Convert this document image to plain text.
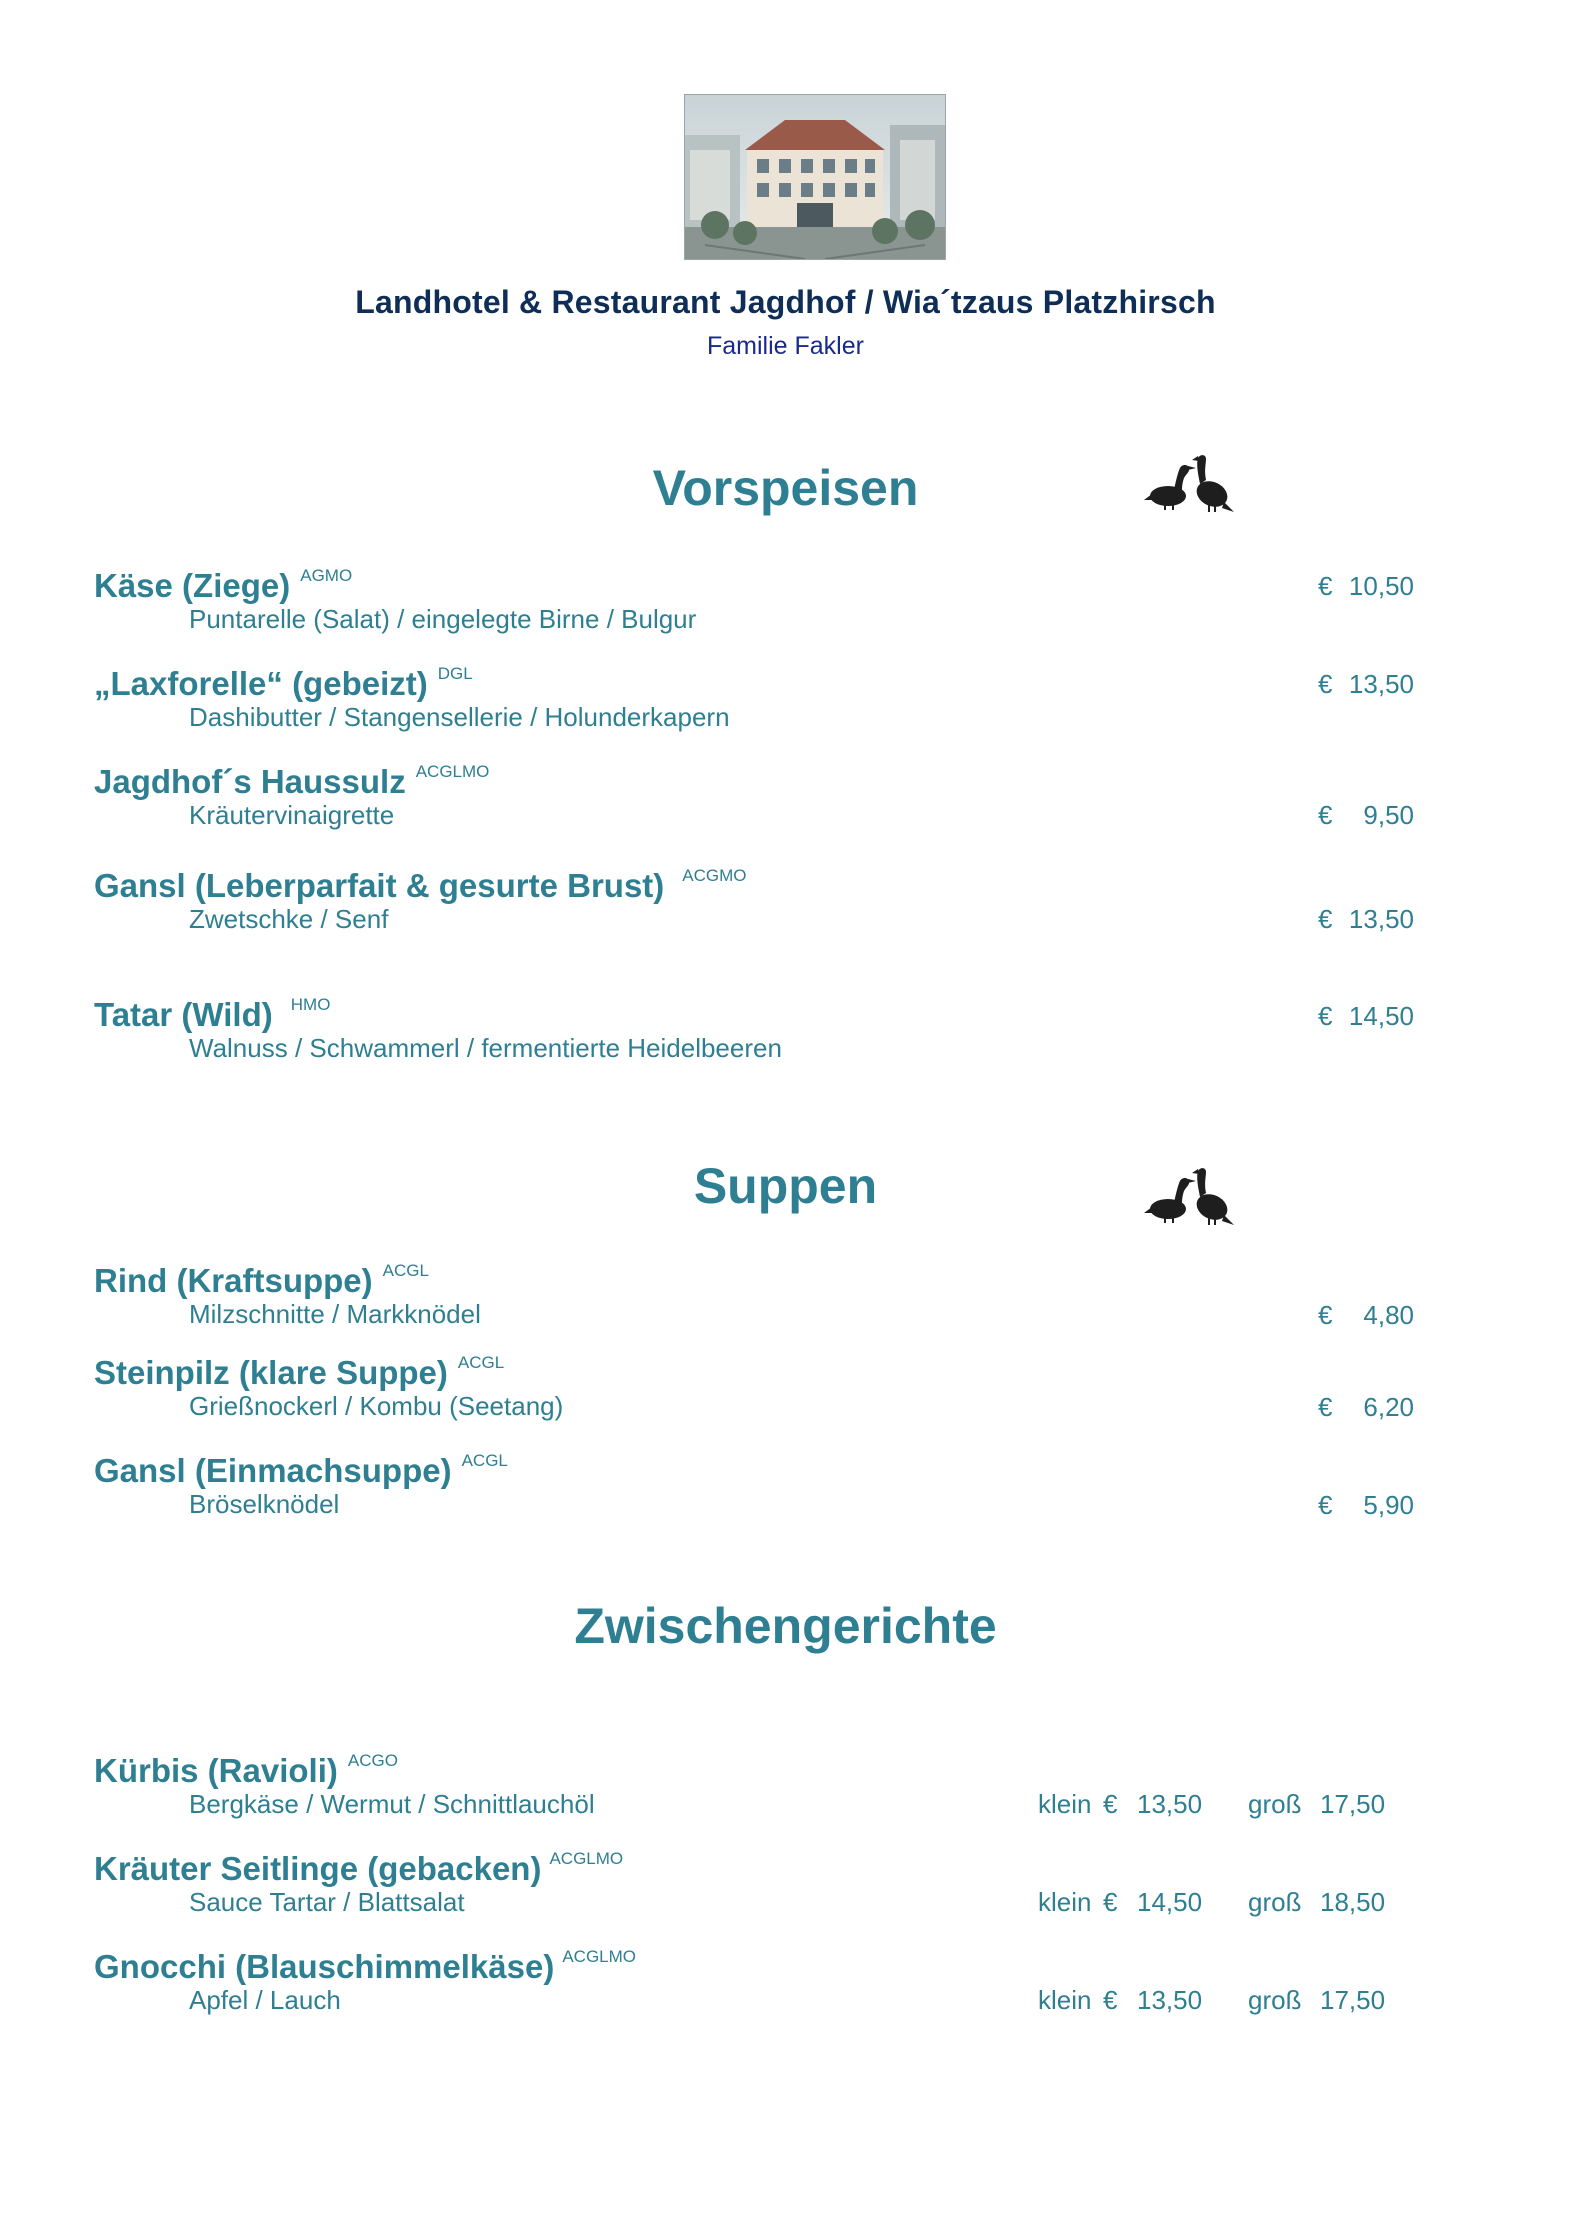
Landhotel & Restaurant Jagdhof / Wia´tzaus Platzhirsch
Familie Fakler
Vorspeisen
Käse (Ziege) $^{AGMO}$
Puntarelle (Salat) / eingelegte Birne / Bulgur
€ 10,50
„Laxforelle“ (gebeizt) $^{DGL}$
Dashibutter / Stangensellerie / Holunderkapern
€ 13,50
Jagdhof´s Haussulz $^{ACGLMO}$
Kräutervinaigrette	€ 9,50
Gansl (Leberparfait & gesurte Brust) $^{ACGMO}$
Zwetschke / Senf	€ 13,50
Tatar (Wild) $^{HMO}$
Walnuss / Schwammerl / fermentierte Heidelbeeren
€ 14,50
Suppen
Rind (Kraftsuppe) $^{ACGL}$
Milzschnitte / Markknödel	€ 4,80
Steinpilz (klare Suppe) $^{ACGL}$
Grießnockerl / Kombu (Seetang)	€ 6,20
Gansl (Einmachsuppe) $^{ACGL}$
Bröselknödel	€ 5,90
Zwischengerichte
Kürbis (Ravioli) $^{ACGO}$
Bergkäse / Wermut / Schnittlauchöl	klein € 13,50 groß 17,50
Kräuter Seitlinge (gebacken) $^{ACGLMO}$
Sauce Tartar / Blattsalat	klein € 14,50 groß 18,50
Gnocchi (Blauschimmelkäse) $^{ACGLMO}$
Apfel / Lauch	klein € 13,50 groß 17,50
